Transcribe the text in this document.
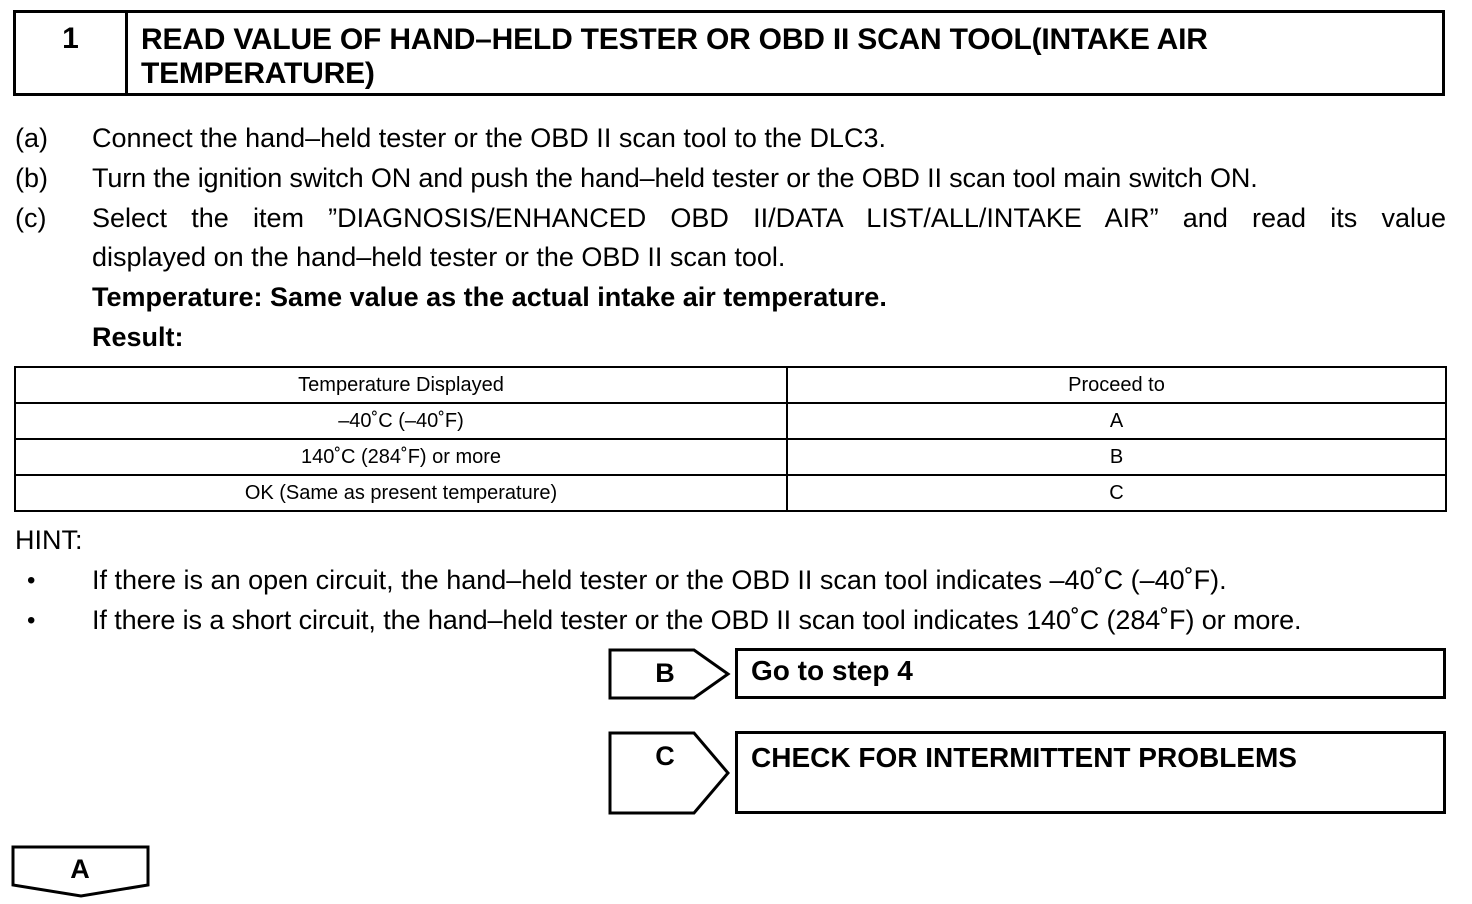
1	READ VALUE OF HAND–HELD TESTER OR OBD II SCAN TOOL(INTAKE AIR
TEMPERATURE)
(a) Connect the hand–held tester or the OBD II scan tool to the DLC3.
(b) Turn the ignition switch ON and push the hand–held tester or the OBD II scan tool main switch ON.
(c) Select the item ”DIAGNOSIS/ENHANCED OBD II/DATA LIST/ALL/INTAKE AIR” and read its value
displayed on the hand–held tester or the OBD II scan tool.
Temperature: Same value as the actual intake air temperature.
Result:
Temperature Displayed	Proceed to
–40˚C (–40˚F)	A
140˚C (284˚F) or more	B
OK (Same as present temperature)	C
HINT:
• If there is an open circuit, the hand–held tester or the OBD II scan tool indicates –40˚C (–40˚F).
• If there is a short circuit, the hand–held tester or the OBD II scan tool indicates 140˚C (284˚F) or more.
B	Go to step 4
C	CHECK FOR INTERMITTENT PROBLEMS
A
